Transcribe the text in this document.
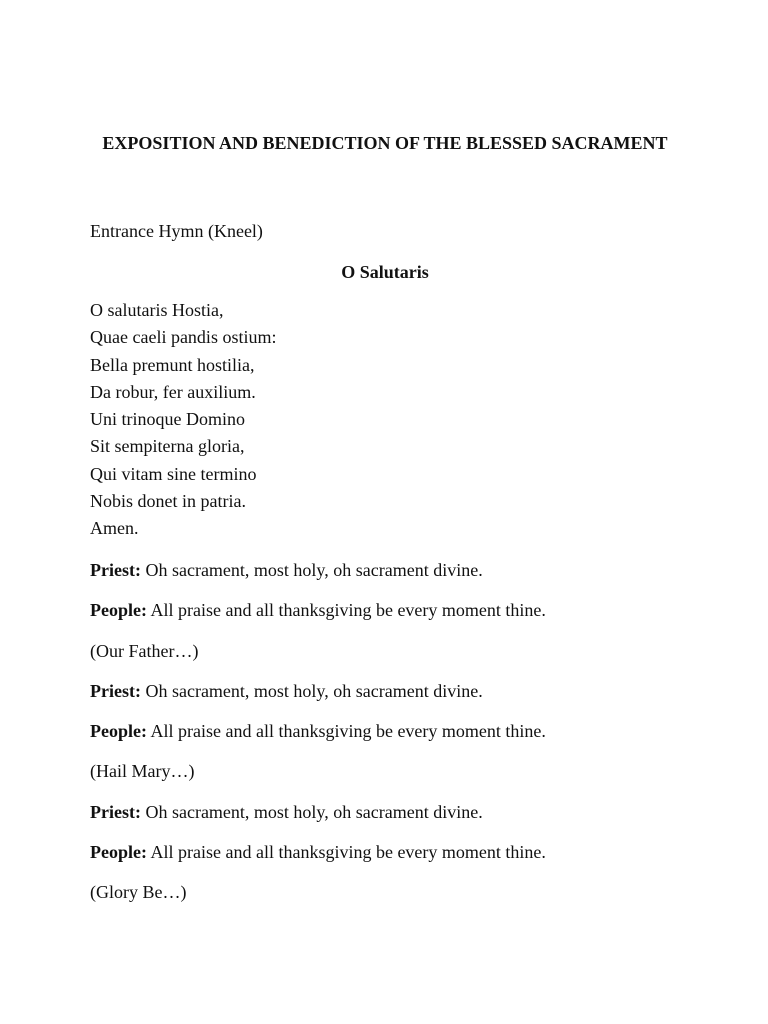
EXPOSITION AND BENEDICTION OF THE BLESSED SACRAMENT

Entrance Hymn (Kneel)

O Salutaris
O salutaris Hostia,
Quae caeli pandis ostium:
Bella premunt hostilia,
Da robur, fer auxilium.
Uni trinoque Domino
Sit sempiterna gloria,
Qui vitam sine termino
Nobis donet in patria.
Amen.
Priest: Oh sacrament, most holy, oh sacrament divine.
People: All praise and all thanksgiving be every moment thine.
(Our Father…)
Priest: Oh sacrament, most holy, oh sacrament divine.
People: All praise and all thanksgiving be every moment thine.
(Hail Mary…)
Priest: Oh sacrament, most holy, oh sacrament divine.
People: All praise and all thanksgiving be every moment thine.
(Glory Be…)
